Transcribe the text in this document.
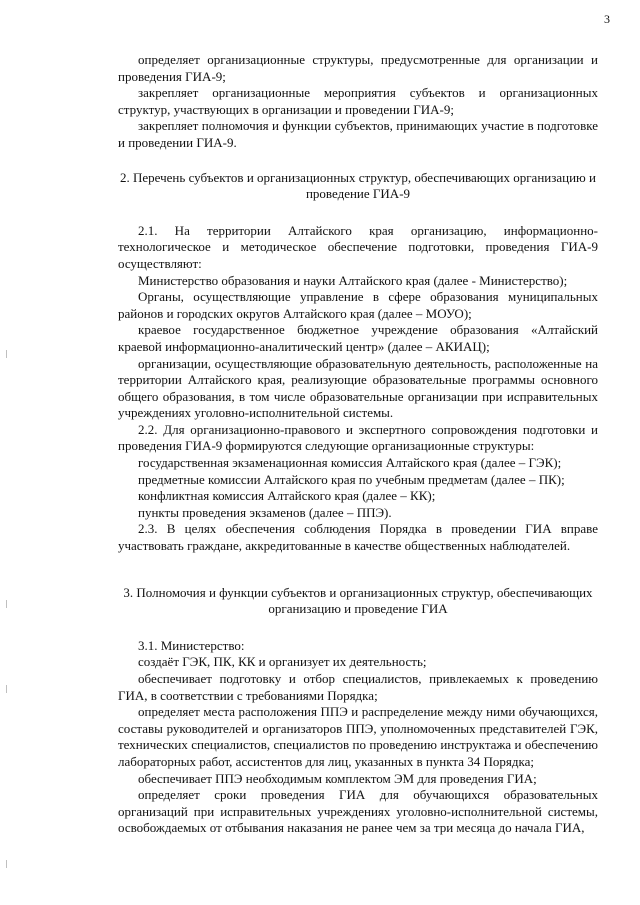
3

определяет организационные структуры, предусмотренные для организации и проведения ГИА-9;

закрепляет организационные мероприятия субъектов и организационных структур, участвующих в организации и проведении ГИА-9;

закрепляет полномочия и функции субъектов, принимающих участие в подготовке и проведении ГИА-9.

2. Перечень субъектов и организационных структур, обеспечивающих организацию и проведение ГИА-9

2.1. На территории Алтайского края организацию, информационно-технологическое и методическое обеспечение подготовки, проведения ГИА-9 осуществляют:

Министерство образования и науки Алтайского края (далее - Министерство);

Органы, осуществляющие управление в сфере образования муниципальных районов и городских округов Алтайского края (далее – МОУО);

краевое государственное бюджетное учреждение образования «Алтайский краевой информационно-аналитический центр» (далее – АКИАЦ);

организации, осуществляющие образовательную деятельность, расположенные на территории Алтайского края, реализующие образовательные программы основного общего образования, в том числе образовательные организации при исправительных учреждениях уголовно-исполнительной системы.

2.2. Для организационно-правового и экспертного сопровождения подготовки и проведения ГИА-9 формируются следующие организационные структуры:

государственная экзаменационная комиссия Алтайского края (далее – ГЭК);

предметные комиссии Алтайского края по учебным предметам (далее – ПК);

конфликтная комиссия Алтайского края (далее – КК);

пункты проведения экзаменов (далее – ППЭ).

2.3. В целях обеспечения соблюдения Порядка в проведении ГИА вправе участвовать граждане, аккредитованные в качестве общественных наблюдателей.

3. Полномочия и функции субъектов и организационных структур, обеспечивающих организацию и проведение ГИА

3.1. Министерство:

создаёт ГЭК, ПК, КК и организует их деятельность;

обеспечивает подготовку и отбор специалистов, привлекаемых к проведению ГИА, в соответствии с требованиями Порядка;

определяет места расположения ППЭ и распределение между ними обучающихся, составы руководителей и организаторов ППЭ, уполномоченных представителей ГЭК, технических специалистов, специалистов по проведению инструктажа и обеспечению лабораторных работ, ассистентов для лиц, указанных в пункта 34 Порядка;

обеспечивает ППЭ необходимым комплектом ЭМ для проведения ГИА;

определяет сроки проведения ГИА для обучающихся образовательных организаций при исправительных учреждениях уголовно-исполнительной системы, освобождаемых от отбывания наказания не ранее чем за три месяца до начала ГИА,
